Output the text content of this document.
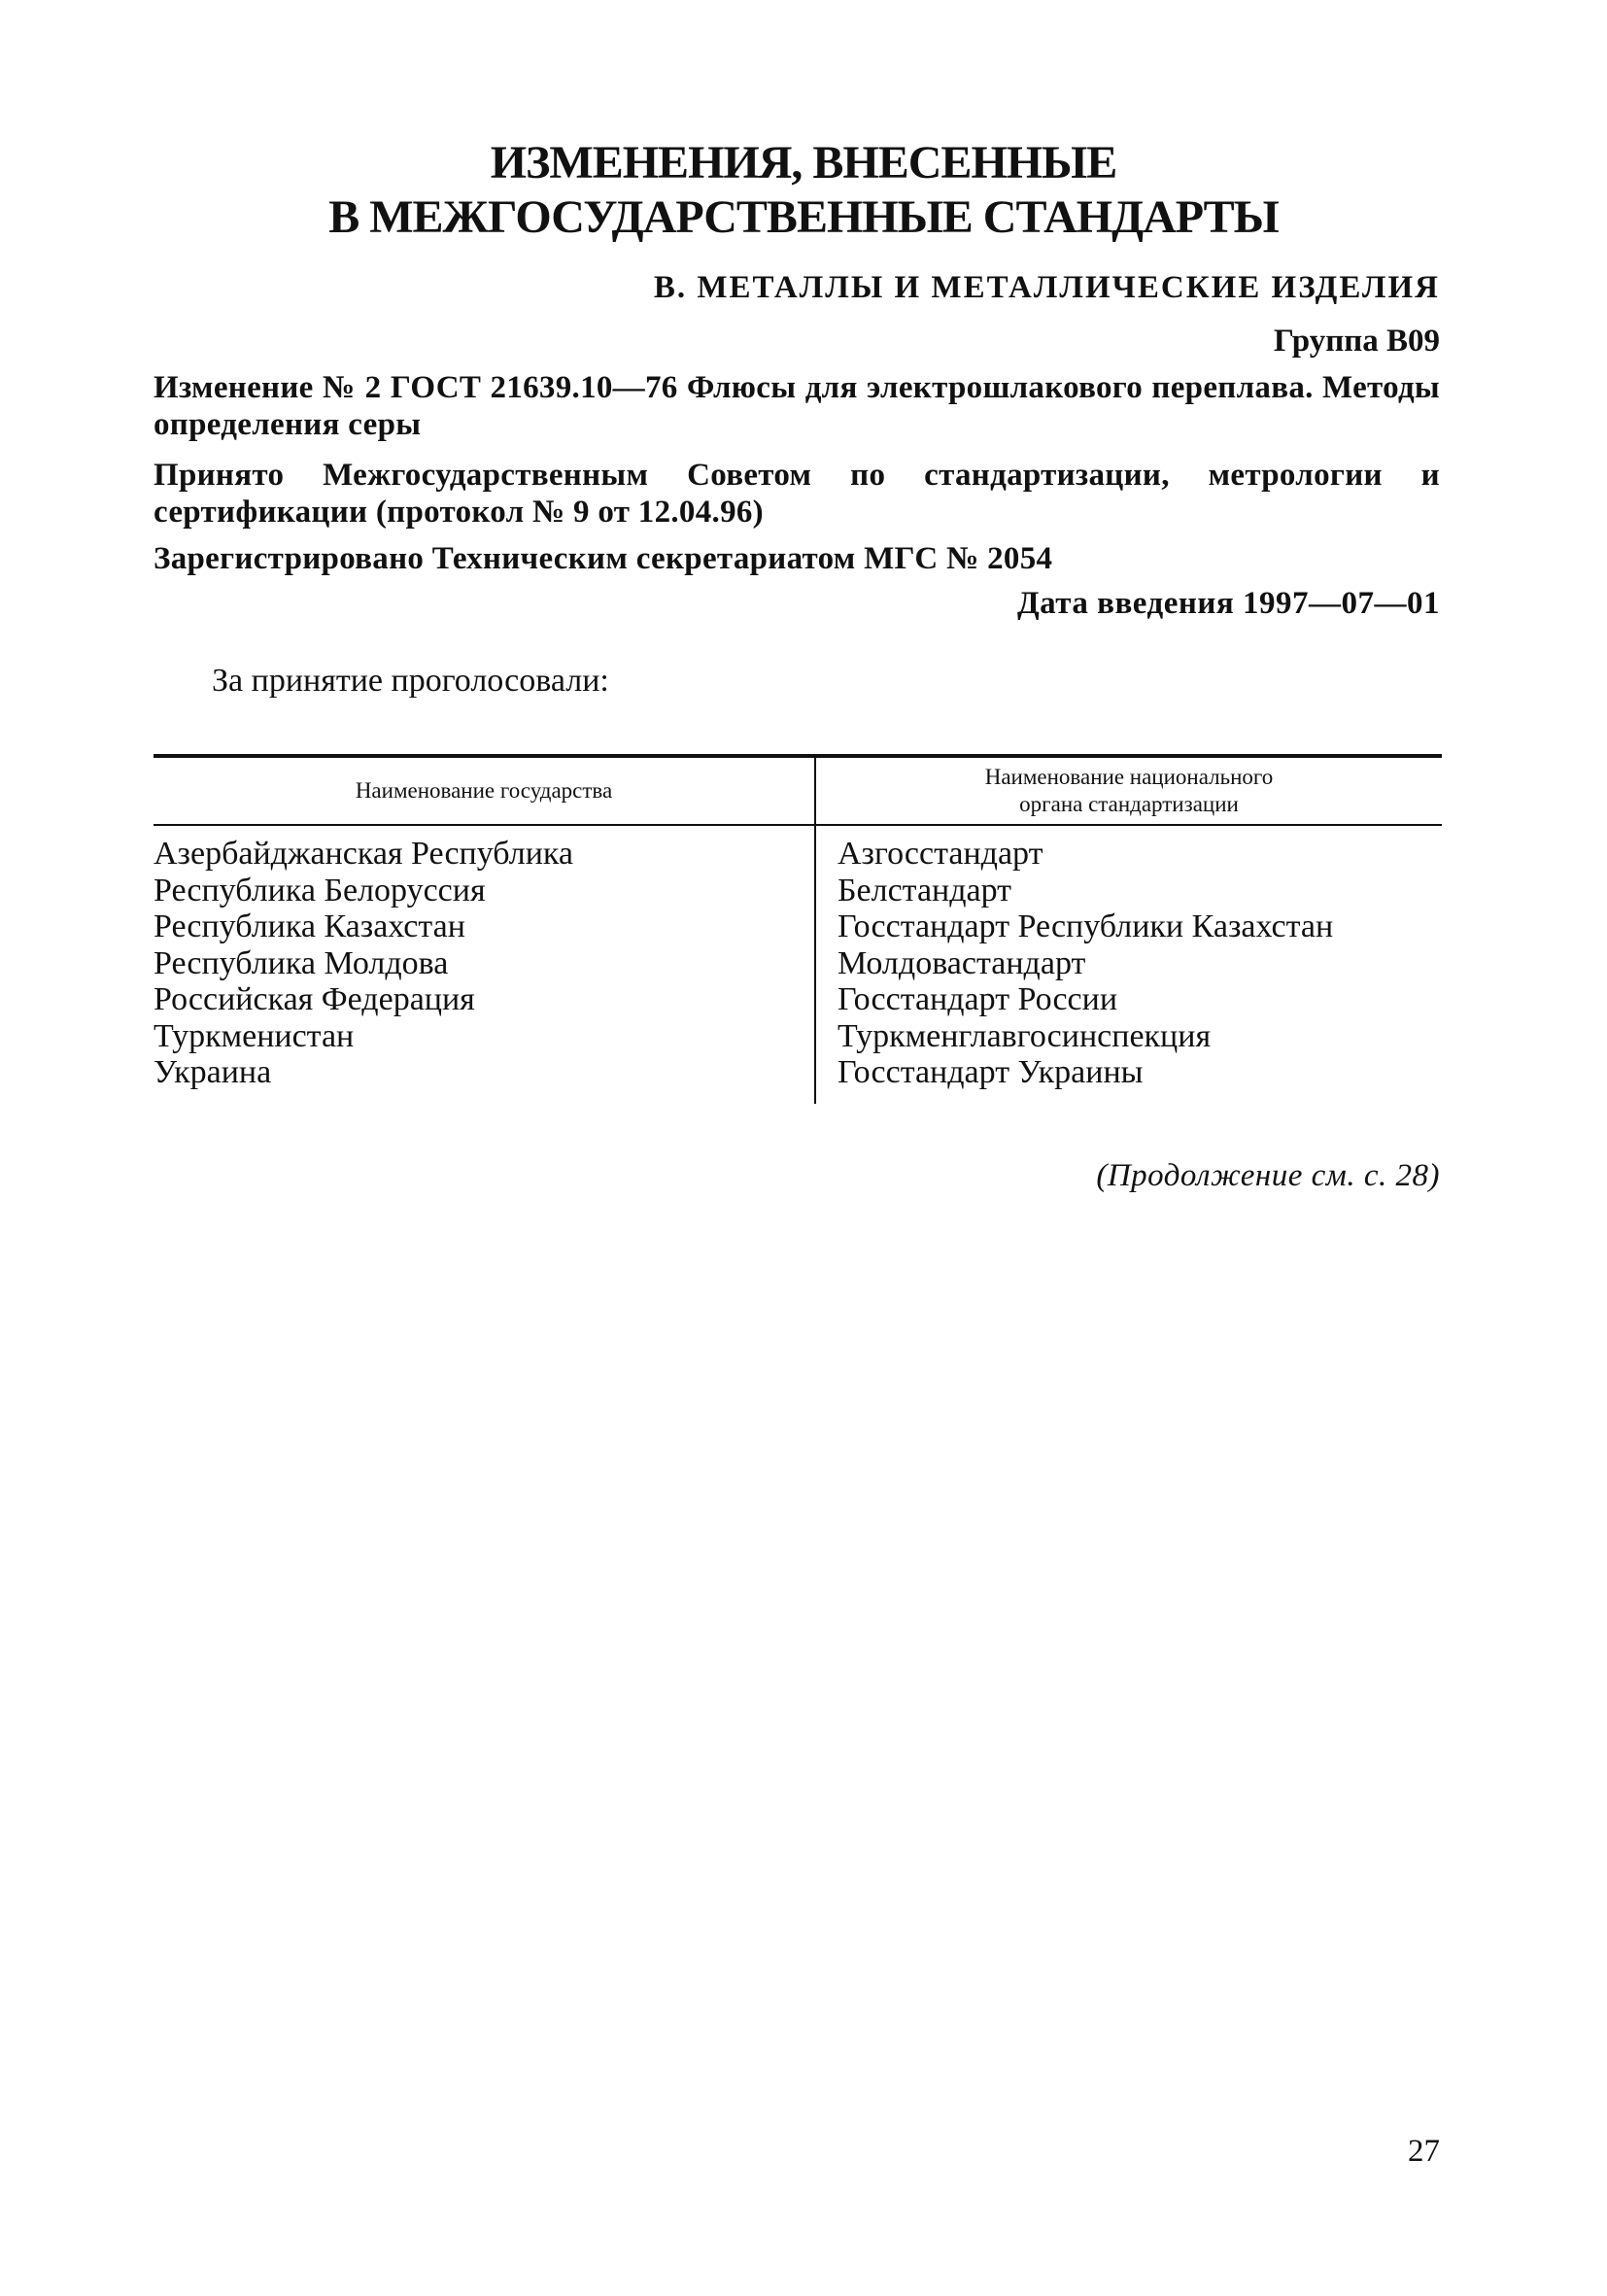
ИЗМЕНЕНИЯ, ВНЕСЕННЫЕ
В МЕЖГОСУДАРСТВЕННЫЕ СТАНДАРТЫ
В. МЕТАЛЛЫ И МЕТАЛЛИЧЕСКИЕ ИЗДЕЛИЯ
Группа В09
Изменение № 2 ГОСТ 21639.10—76 Флюсы для электрошлакового переплава. Методы определения серы
Принято Межгосударственным Советом по стандартизации, метрологии и сертификации (протокол № 9 от 12.04.96)
Зарегистрировано Техническим секретариатом МГС № 2054
Дата введения 1997—07—01
За принятие проголосовали:
Наименование государства
Наименование национального
органа стандартизации
Азербайджанская Республика
Республика Белоруссия
Республика Казахстан
Республика Молдова
Российская Федерация
Туркменистан
Украина
Азгосстандарт
Белстандарт
Госстандарт Республики Казахстан
Молдовастандарт
Госстандарт России
Туркменглавгосинспекция
Госстандарт Украины
(Продолжение см. с. 28)
27
